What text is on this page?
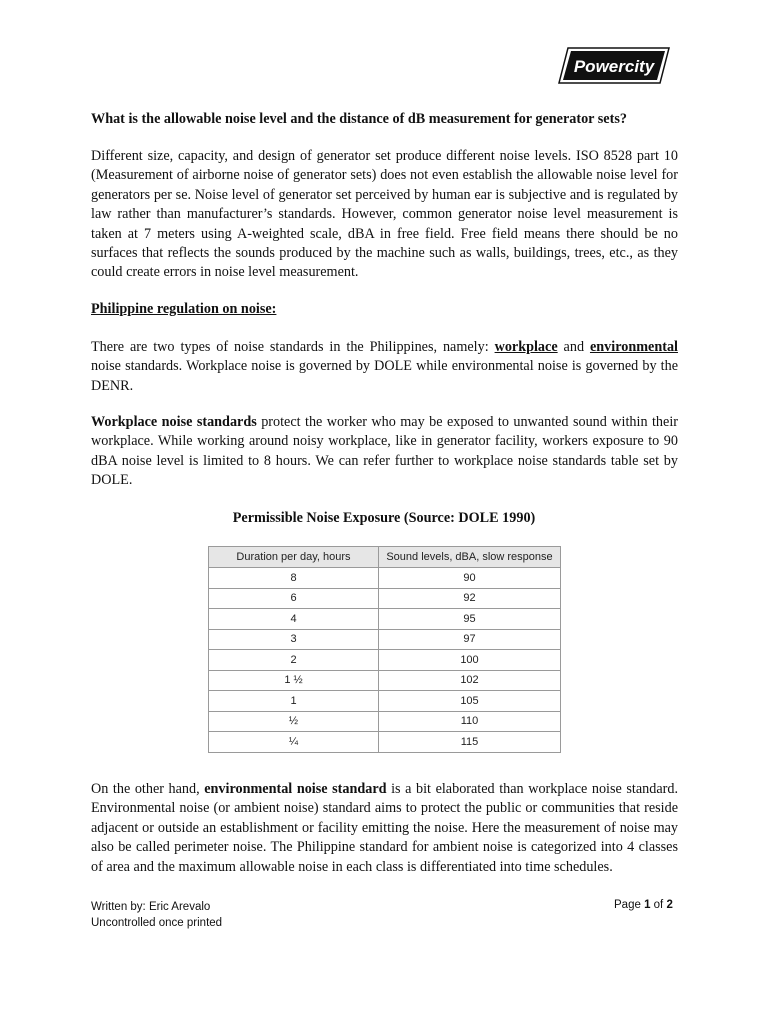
Powercity
What is the allowable noise level and the distance of dB measurement for generator sets?
Different size, capacity, and design of generator set produce different noise levels. ISO 8528 part 10 (Measurement of airborne noise of generator sets) does not even establish the allowable noise level for generators per se. Noise level of generator set perceived by human ear is subjective and is regulated by law rather than manufacturer’s standards. However, common generator noise level measurement is taken at 7 meters using A-weighted scale, dBA in free field. Free field means there should be no surfaces that reflects the sounds produced by the machine such as walls, buildings, trees, etc., as they could create errors in noise level measurement.
Philippine regulation on noise:
There are two types of noise standards in the Philippines, namely: workplace and environmental noise standards. Workplace noise is governed by DOLE while environmental noise is governed by the DENR.
Workplace noise standards protect the worker who may be exposed to unwanted sound within their workplace. While working around noisy workplace, like in generator facility, workers exposure to 90 dBA noise level is limited to 8 hours. We can refer further to workplace noise standards table set by DOLE.
Permissible Noise Exposure (Source: DOLE 1990)
Duration per day, hours	Sound levels, dBA, slow response
8	90
6	92
4	95
3	97
2	100
1 ½	102
1	105
½	110
¼	115
On the other hand, environmental noise standard is a bit elaborated than workplace noise standard. Environmental noise (or ambient noise) standard aims to protect the public or communities that reside adjacent or outside an establishment or facility emitting the noise. Here the measurement of noise may also be called perimeter noise. The Philippine standard for ambient noise is categorized into 4 classes of area and the maximum allowable noise in each class is differentiated into time schedules.
Written by: Eric Arevalo
Uncontrolled once printed
Page 1 of 2
